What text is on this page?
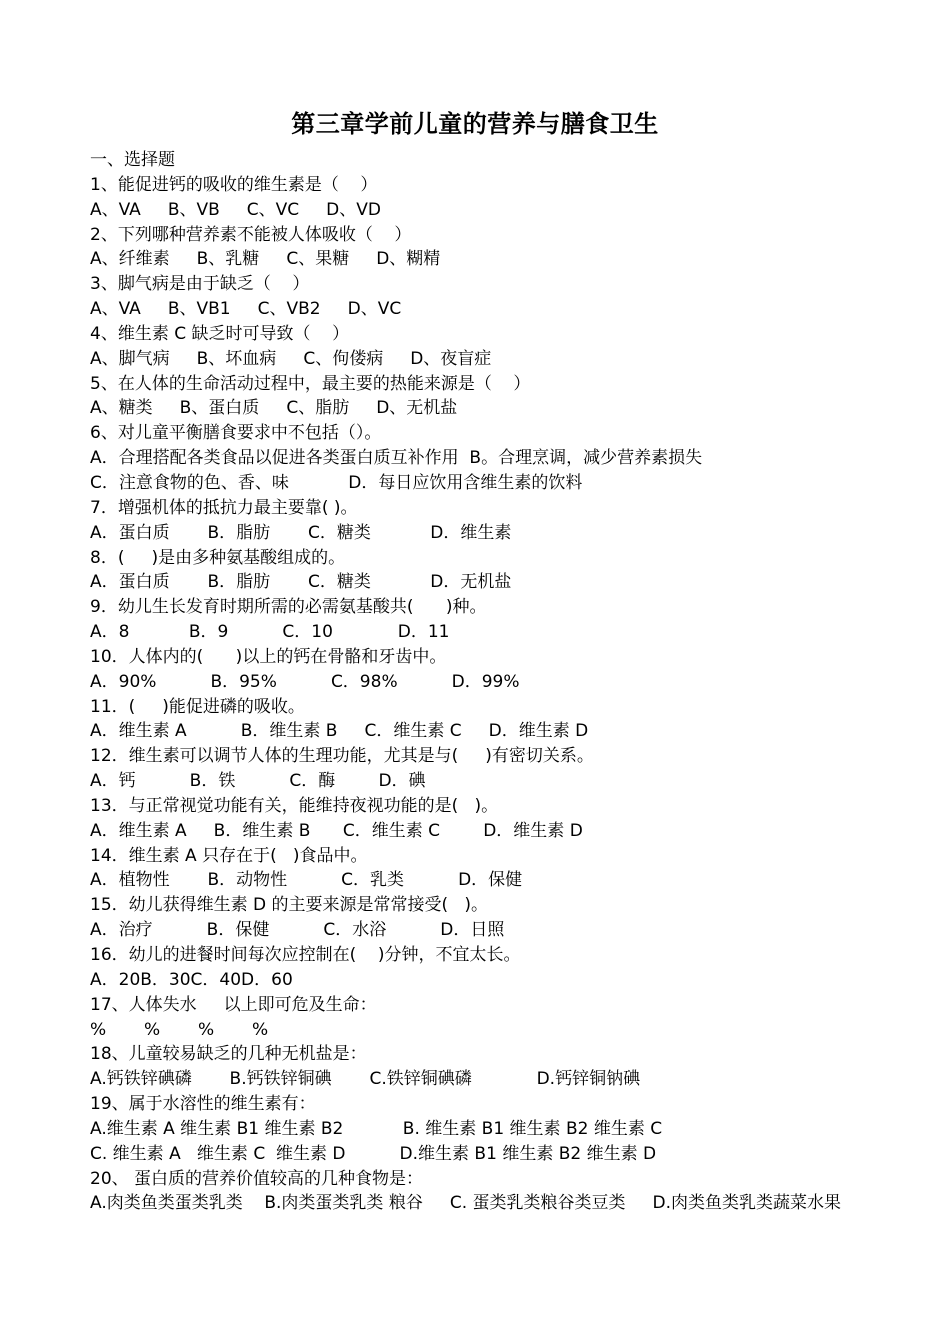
第三章学前儿童的营养与膳食卫生
一、选择题
1、能促进钙的吸收的维生素是（    ）
A、VA     B、VB     C、VC     D、VD
2、下列哪种营养素不能被人体吸收（    ）
A、纤维素     B、乳糖     C、果糖     D、糊精
3、脚气病是由于缺乏（    ）
A、VA     B、VB1     C、VB2     D、VC
4、维生素 C 缺乏时可导致（    ）
A、脚气病     B、坏血病     C、佝偻病     D、夜盲症
5、在人体的生命活动过程中，最主要的热能来源是（    ）
A、糖类     B、蛋白质     C、脂肪     D、无机盐
6、对儿童平衡膳食要求中不包括（）。
A．合理搭配各类食品以促进各类蛋白质互补作用  B。合理烹调，减少营养素损失
C．注意食物的色、香、味           D．每日应饮用含维生素的饮料
7．增强机体的抵抗力最主要靠( )。
A．蛋白质       B．脂肪       C．糖类           D．维生素
8．(     )是由多种氨基酸组成的。
A．蛋白质       B．脂肪       C．糖类           D．无机盐
9．幼儿生长发育时期所需的必需氨基酸共(      )种。
A．8           B．9          C．10            D．11
10．人体内的(      )以上的钙在骨骼和牙齿中。
A．90%          B．95%          C．98%          D．99%
11．(     )能促进磷的吸收。
A．维生素 A          B．维生素 B     C．维生素 C     D．维生素 D
12．维生素可以调节人体的生理功能，尤其是与(     )有密切关系。
A．钙          B．铁          C．酶        D．碘
13．与正常视觉功能有关，能维持夜视功能的是(   )。
A．维生素 A     B．维生素 B      C．维生素 C        D．维生素 D
14．维生素 A 只存在于(   )食品中。
A．植物性       B．动物性          C．乳类          D．保健
15．幼儿获得维生素 D 的主要来源是常常接受(   )。
A．治疗          B．保健          C．水浴          D．日照
16．幼儿的进餐时间每次应控制在(    )分钟，不宜太长。
A．20B．30C．40D．60
17、人体失水     以上即可危及生命：
%       %       %       %
18、儿童较易缺乏的几种无机盐是：
A.钙铁锌碘磷       B.钙铁锌铜碘       C.铁锌铜碘磷            D.钙锌铜钠碘
19、属于水溶性的维生素有：
A.维生素 A 维生素 B1 维生素 B2           B. 维生素 B1 维生素 B2 维生素 C
C. 维生素 A   维生素 C  维生素 D          D.维生素 B1 维生素 B2 维生素 D
20、 蛋白质的营养价值较高的几种食物是：
A.肉类鱼类蛋类乳类    B.肉类蛋类乳类 粮谷     C. 蛋类乳类粮谷类豆类     D.肉类鱼类乳类蔬菜水果
